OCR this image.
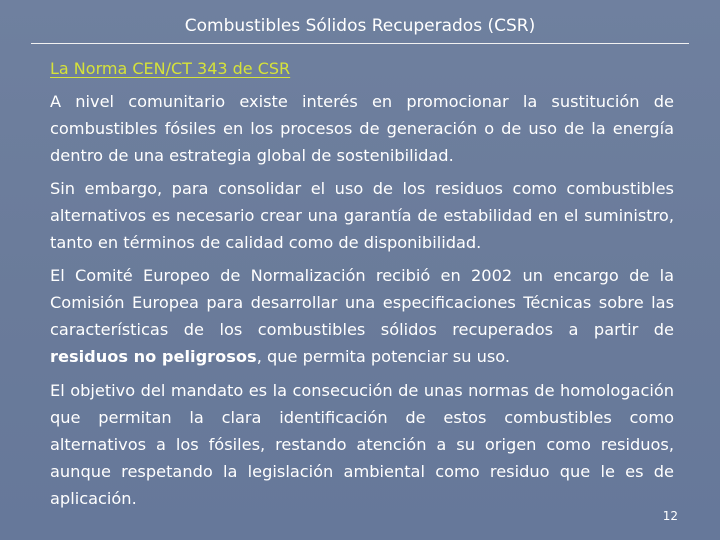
Combustibles Sólidos Recuperados (CSR)
La Norma CEN/CT 343 de CSR

A nivel comunitario existe interés en promocionar la sustitución de combustibles fósiles en los procesos de generación o de uso de la energía dentro de una estrategia global de sostenibilidad.

Sin embargo, para consolidar el uso de los residuos como combustibles alternativos es necesario crear una garantía de estabilidad en el suministro, tanto en términos de calidad como de disponibilidad.

El Comité Europeo de Normalización recibió en 2002 un encargo de la Comisión Europea para desarrollar una especificaciones Técnicas sobre las características de los combustibles sólidos recuperados a partir de residuos no peligrosos, que permita potenciar su uso.

El objetivo del mandato es la consecución de unas normas de homologación que permitan la clara identificación de estos combustibles como alternativos a los fósiles, restando atención a su origen como residuos, aunque respetando la legislación ambiental como residuo que le es de aplicación.

12
